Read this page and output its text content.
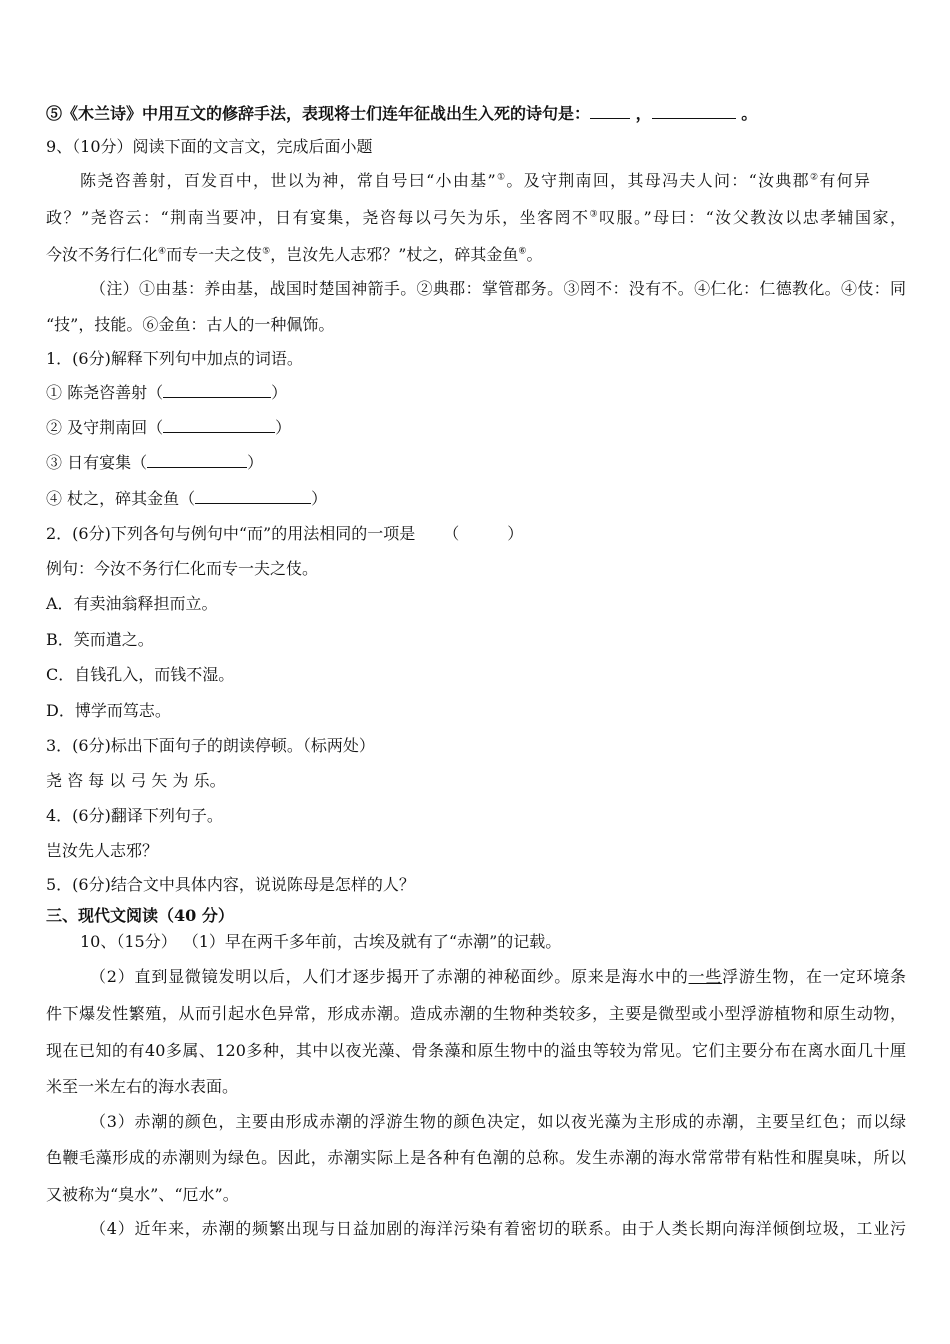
⑤《木兰诗》中用互文的修辞手法，表现将士们连年征战出生入死的诗句是：	，	。
9、（10分）阅读下面的文言文，完成后面小题
陈尧咨善射，百发百中，世以为神，常自号曰“小由基”①。及守荆南回，其母冯夫人问：“汝典郡②有何异
政？”尧咨云：“荆南当要冲，日有宴集，尧咨每以弓矢为乐，坐客罔不③叹服。”母曰：“汝父教汝以忠孝辅国家，
今汝不务行仁化④而专一夫之伎⑤，岂汝先人志邪？”杖之，碎其金鱼⑥。
（注）①由基：养由基，战国时楚国神箭手。②典郡：掌管郡务。③罔不：没有不。④仁化：仁德教化。④伎：同
“技”，技能。⑥金鱼：古人的一种佩饰。
1．(6分)解释下列句中加点的词语。
① 陈尧咨善射（	）
② 及守荆南回（	）
③ 日有宴集（	）
④ 杖之，碎其金鱼（	）
2．(6分)下列各句与例句中“而”的用法相同的一项是 （　　　）
例句：今汝不务行仁化而专一夫之伎。
A．有卖油翁释担而立。
B．笑而遣之。
C．自钱孔入，而钱不湿。
D．博学而笃志。
3．(6分)标出下面句子的朗读停顿。（标两处）
尧 咨 每 以 弓 矢 为 乐。
4．(6分)翻译下列句子。
岂汝先人志邪？
5．(6分)结合文中具体内容，说说陈母是怎样的人？
三、现代文阅读（40 分）
10、（15分） （1）早在两千多年前，古埃及就有了“赤潮”的记载。
（2）直到显微镜发明以后，人们才逐步揭开了赤潮的神秘面纱。原来是海水中的一些浮游生物，在一定环境条
件下爆发性繁殖，从而引起水色异常，形成赤潮。造成赤潮的生物种类较多，主要是微型或小型浮游植物和原生动物，
现在已知的有40多属、120多种，其中以夜光藻、骨条藻和原生物中的溢虫等较为常见。它们主要分布在离水面几十厘
米至一米左右的海水表面。
（3）赤潮的颜色，主要由形成赤潮的浮游生物的颜色决定，如以夜光藻为主形成的赤潮，主要呈红色；而以绿
色鞭毛藻形成的赤潮则为绿色。因此，赤潮实际上是各种有色潮的总称。发生赤潮的海水常常带有粘性和腥臭味，所以
又被称为“臭水”、“厄水”。
（4）近年来，赤潮的频繁出现与日益加剧的海洋污染有着密切的联系。由于人类长期向海洋倾倒垃圾，工业污
